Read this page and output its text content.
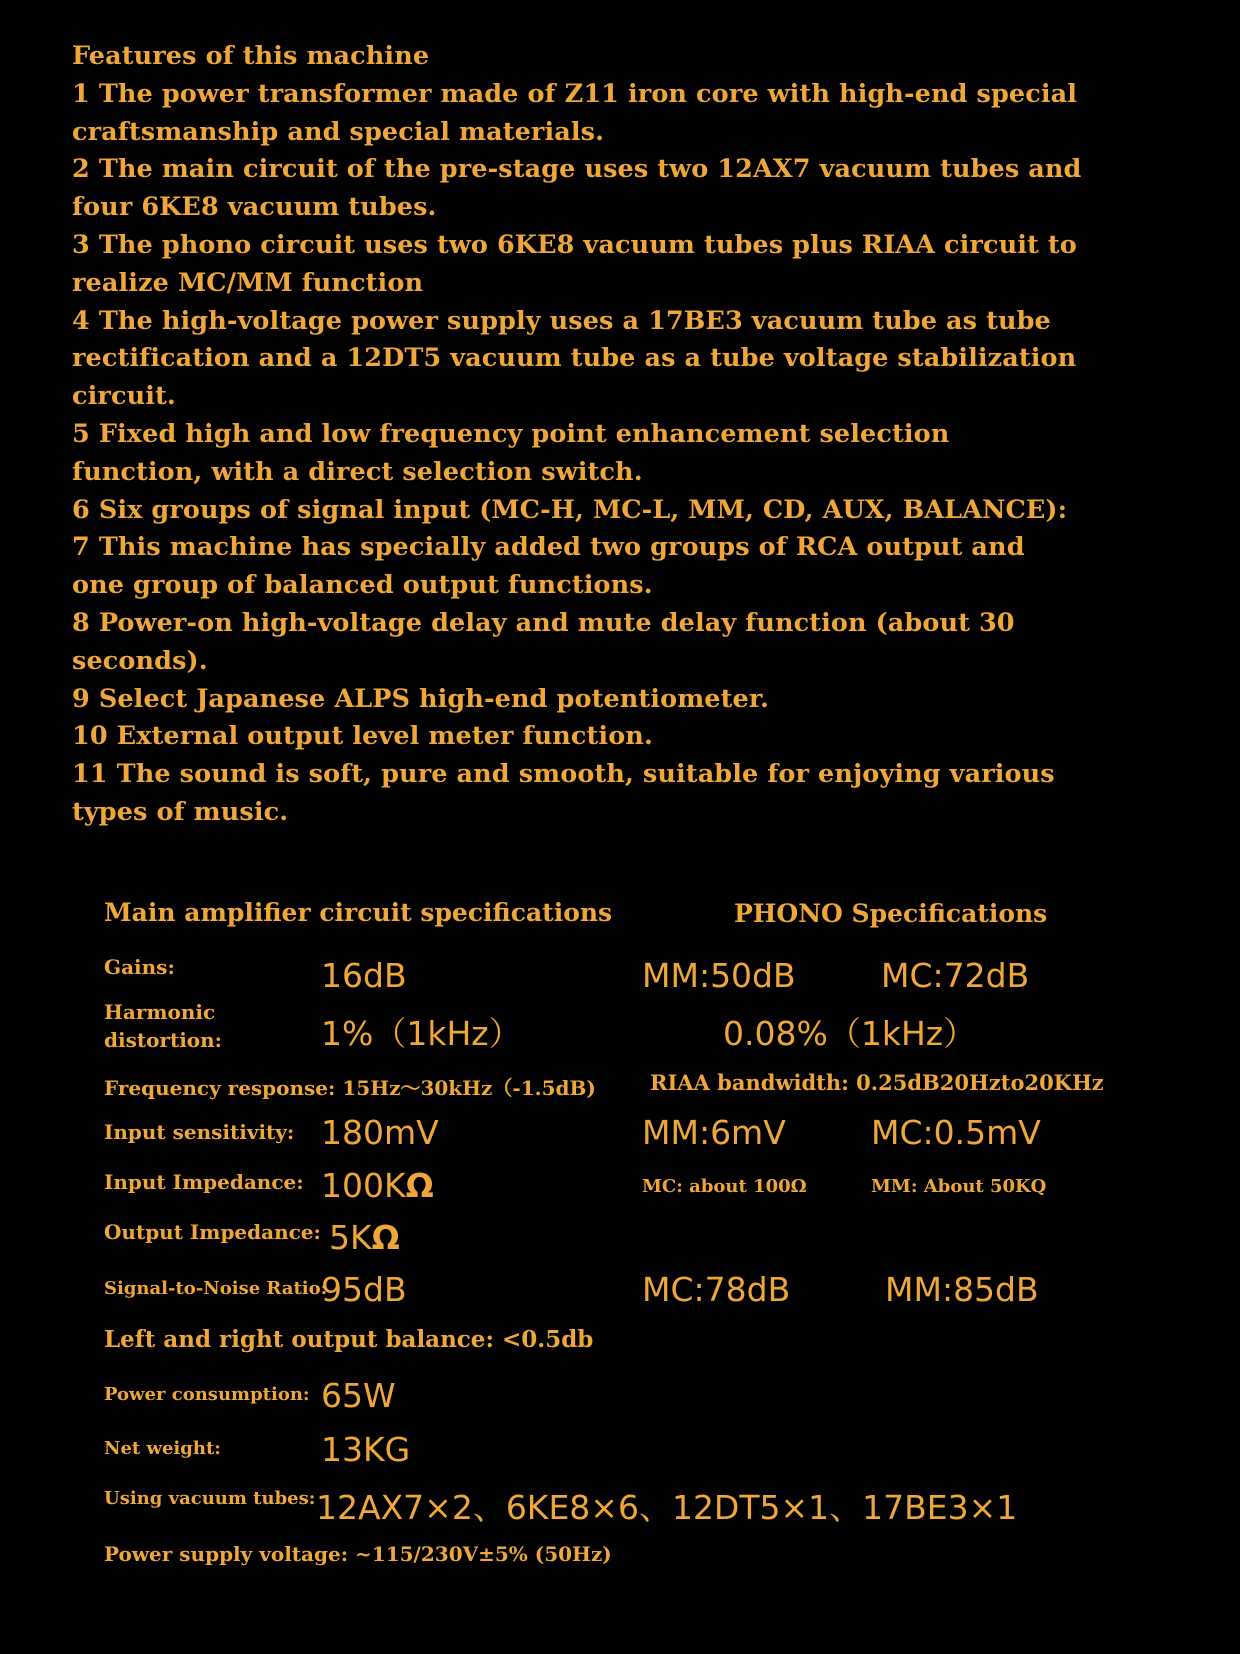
Features of this machine
1 The power transformer made of Z11 iron core with high-end special
craftsmanship and special materials.
2 The main circuit of the pre-stage uses two 12AX7 vacuum tubes and
four 6KE8 vacuum tubes.
3 The phono circuit uses two 6KE8 vacuum tubes plus RIAA circuit to
realize MC/MM function
4 The high-voltage power supply uses a 17BE3 vacuum tube as tube
rectification and a 12DT5 vacuum tube as a tube voltage stabilization
circuit.
5 Fixed high and low frequency point enhancement selection
function, with a direct selection switch.
6 Six groups of signal input (MC-H, MC-L, MM, CD, AUX, BALANCE):
7 This machine has specially added two groups of RCA output and
one group of balanced output functions.
8 Power-on high-voltage delay and mute delay function (about 30
seconds).
9 Select Japanese ALPS high-end potentiometer.
10 External output level meter function.
11 The sound is soft, pure and smooth, suitable for enjoying various
types of music.
Main amplifier circuit specifications	PHONO Specifications
Gains:	16dB	MM:50dB	MC:72dB
Harmonic
distortion:	1%（1kHz）	0.08%（1kHz）
Frequency response: 15Hz～30kHz（-1.5dB)	RIAA bandwidth: 0.25dB20Hzto20KHz
Input sensitivity: 180mV	MM:6mV	MC:0.5mV
Input Impedance: 100KΩ	MC: about 100Ω	MM: About 50KQ
Output Impedance: 5KΩ
Signal-to-Noise Ratio:
95dB	MC:78dB	MM:85dB
Left and right output balance: <0.5db
Power consumption: 65W
Net weight:	13KG
Using vacuum tubes: 12AX7×2、6KE8×6、12DT5×1、17BE3×1
Power supply voltage: ~115/230V±5% (50Hz)
